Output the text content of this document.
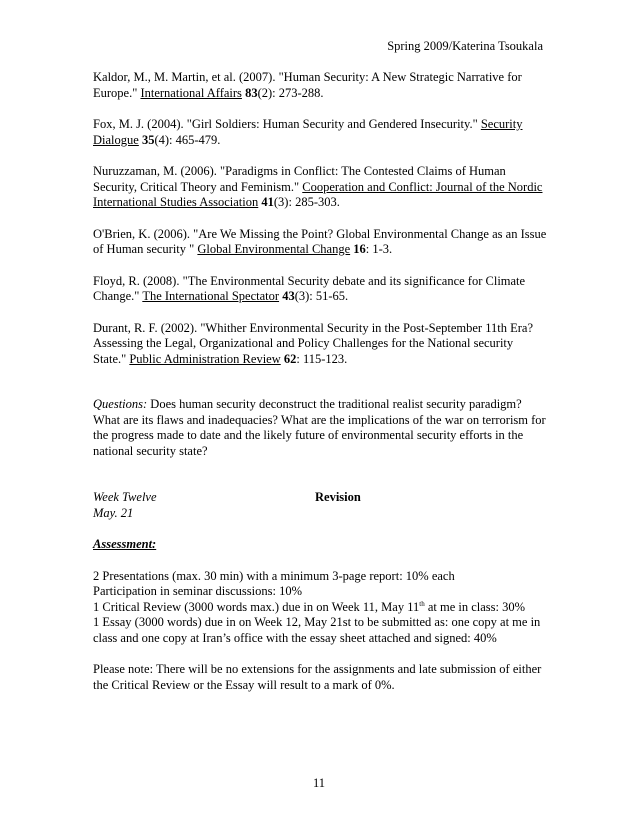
Spring 2009/Katerina Tsoukala
Kaldor, M., M. Martin, et al. (2007). "Human Security: A New Strategic Narrative for Europe." International Affairs 83(2): 273-288.
Fox, M. J. (2004). "Girl Soldiers: Human Security and Gendered Insecurity." Security Dialogue 35(4): 465-479.
Nuruzzaman, M. (2006). "Paradigms in Conflict: The Contested Claims of Human Security, Critical Theory and Feminism." Cooperation and Conflict: Journal of the Nordic International Studies Association 41(3): 285-303.
O'Brien, K. (2006). "Are We Missing the Point? Global Environmental Change as an Issue of Human security " Global Environmental Change 16: 1-3.
Floyd, R. (2008). "The Environmental Security debate and its significance for Climate Change." The International Spectator 43(3): 51-65.
Durant, R. F. (2002). "Whither Environmental Security in the Post-September 11th Era? Assessing the Legal, Organizational and Policy Challenges for the National security State." Public Administration Review 62: 115-123.
Questions: Does human security deconstruct the traditional realist security paradigm? What are its flaws and inadequacies? What are the implications of the war on terrorism for the progress made to date and the likely future of environmental security efforts in the national security state?
Week Twelve
May. 21
Revision
Assessment:
2 Presentations (max. 30 min) with a minimum 3-page report: 10% each
Participation in seminar discussions: 10%
1 Critical Review (3000 words max.) due in on Week 11, May 11th at me in class: 30%
1 Essay (3000 words) due in on Week 12, May 21st to be submitted as: one copy at me in class and one copy at Iran’s office with the essay sheet attached and signed: 40%
Please note: There will be no extensions for the assignments and late submission of either the Critical Review or the Essay will result to a mark of 0%.
11
